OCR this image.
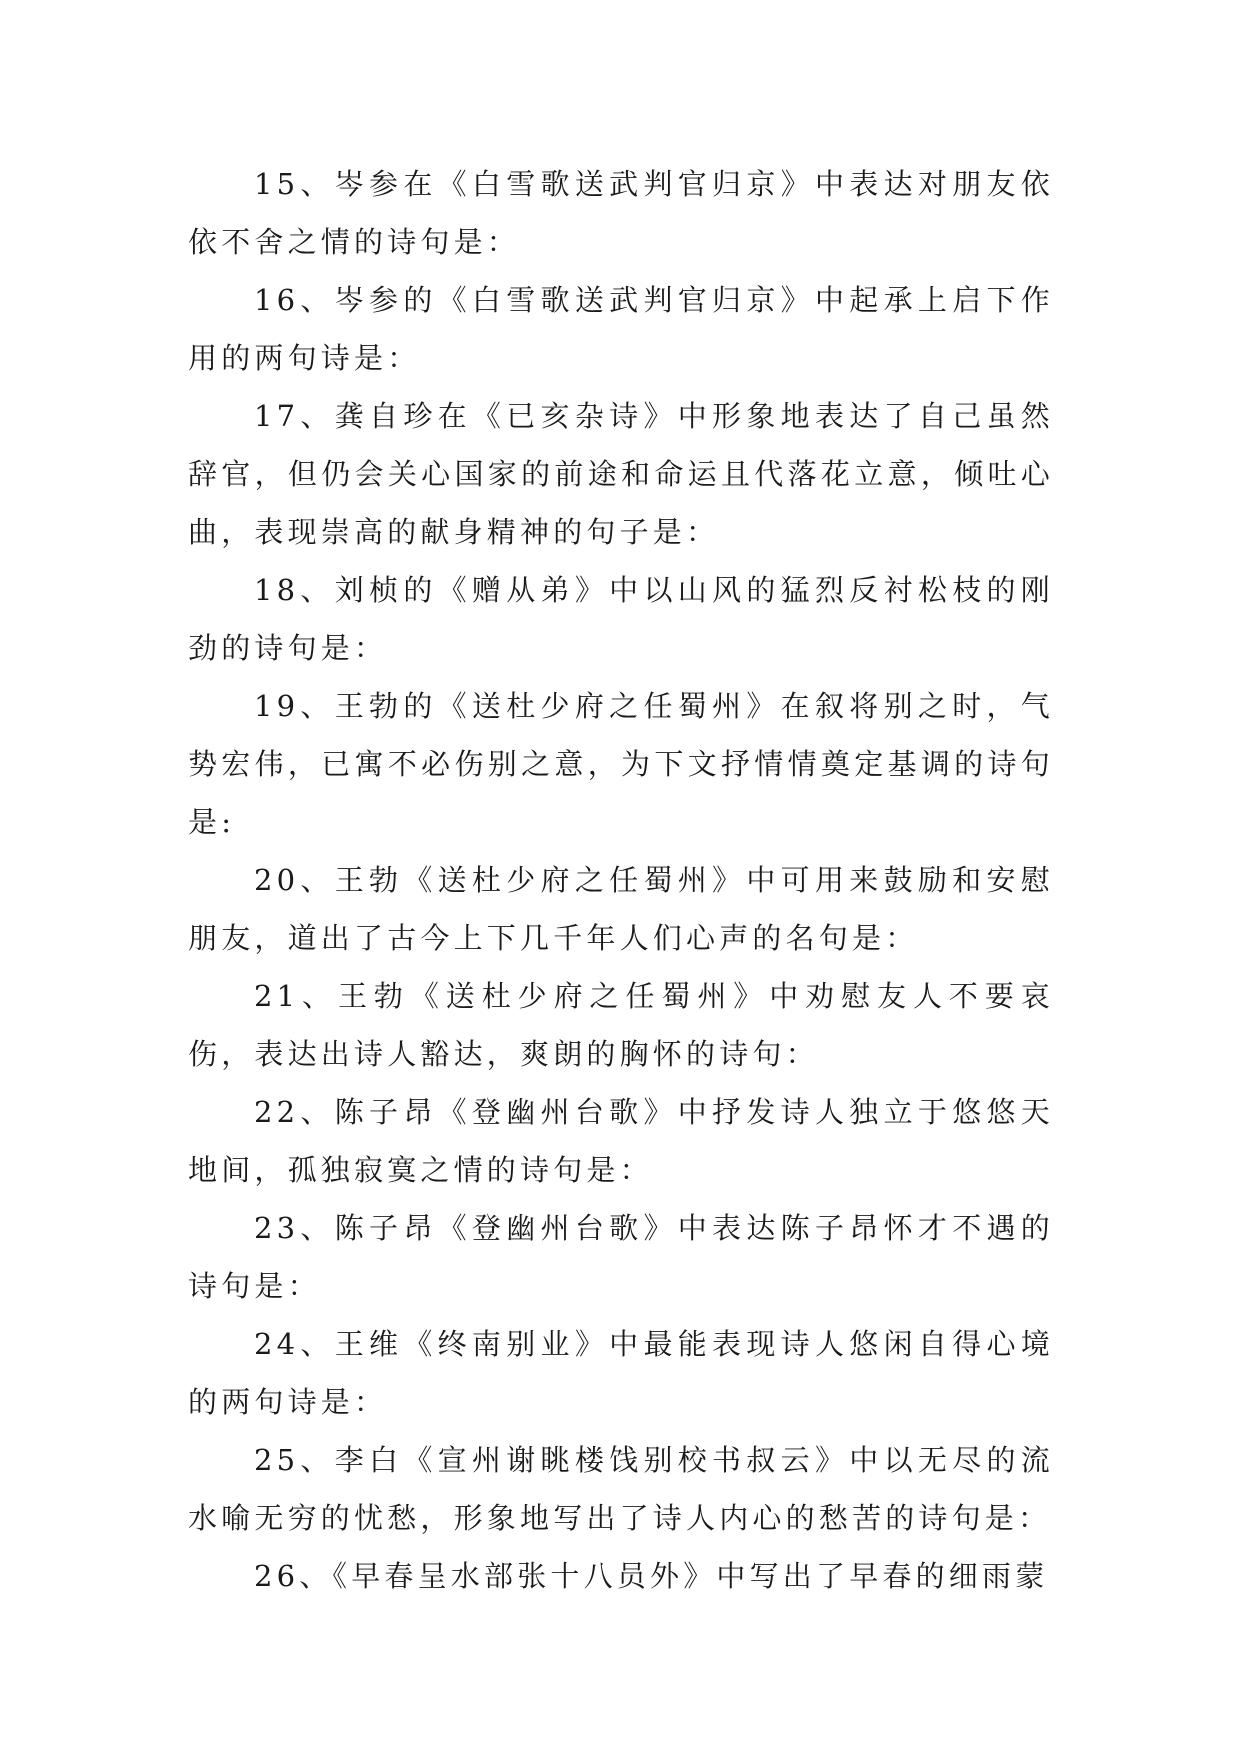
15、岑参在《白雪歌送武判官归京》中表达对朋友依依不舍之情的诗句是：

16、岑参的《白雪歌送武判官归京》中起承上启下作用的两句诗是：

17、龚自珍在《已亥杂诗》中形象地表达了自己虽然辞官，但仍会关心国家的前途和命运且代落花立意，倾吐心曲，表现崇高的献身精神的句子是：

18、刘桢的《赠从弟》中以山风的猛烈反衬松枝的刚劲的诗句是：

19、王勃的《送杜少府之任蜀州》在叙将别之时，气势宏伟，已寓不必伤别之意，为下文抒情情奠定基调的诗句是:

20、王勃《送杜少府之任蜀州》中可用来鼓励和安慰朋友，道出了古今上下几千年人们心声的名句是：

21、王勃《送杜少府之任蜀州》中劝慰友人不要哀伤，表达出诗人豁达，爽朗的胸怀的诗句：

22、陈子昂《登幽州台歌》中抒发诗人独立于悠悠天地间，孤独寂寞之情的诗句是：

23、陈子昂《登幽州台歌》中表达陈子昂怀才不遇的诗句是：

24、王维《终南别业》中最能表现诗人悠闲自得心境的两句诗是：

25、李白《宣州谢眺楼饯别校书叔云》中以无尽的流水喻无穷的忧愁，形象地写出了诗人内心的愁苦的诗句是：

26、《早春呈水部张十八员外》中写出了早春的细雨蒙
